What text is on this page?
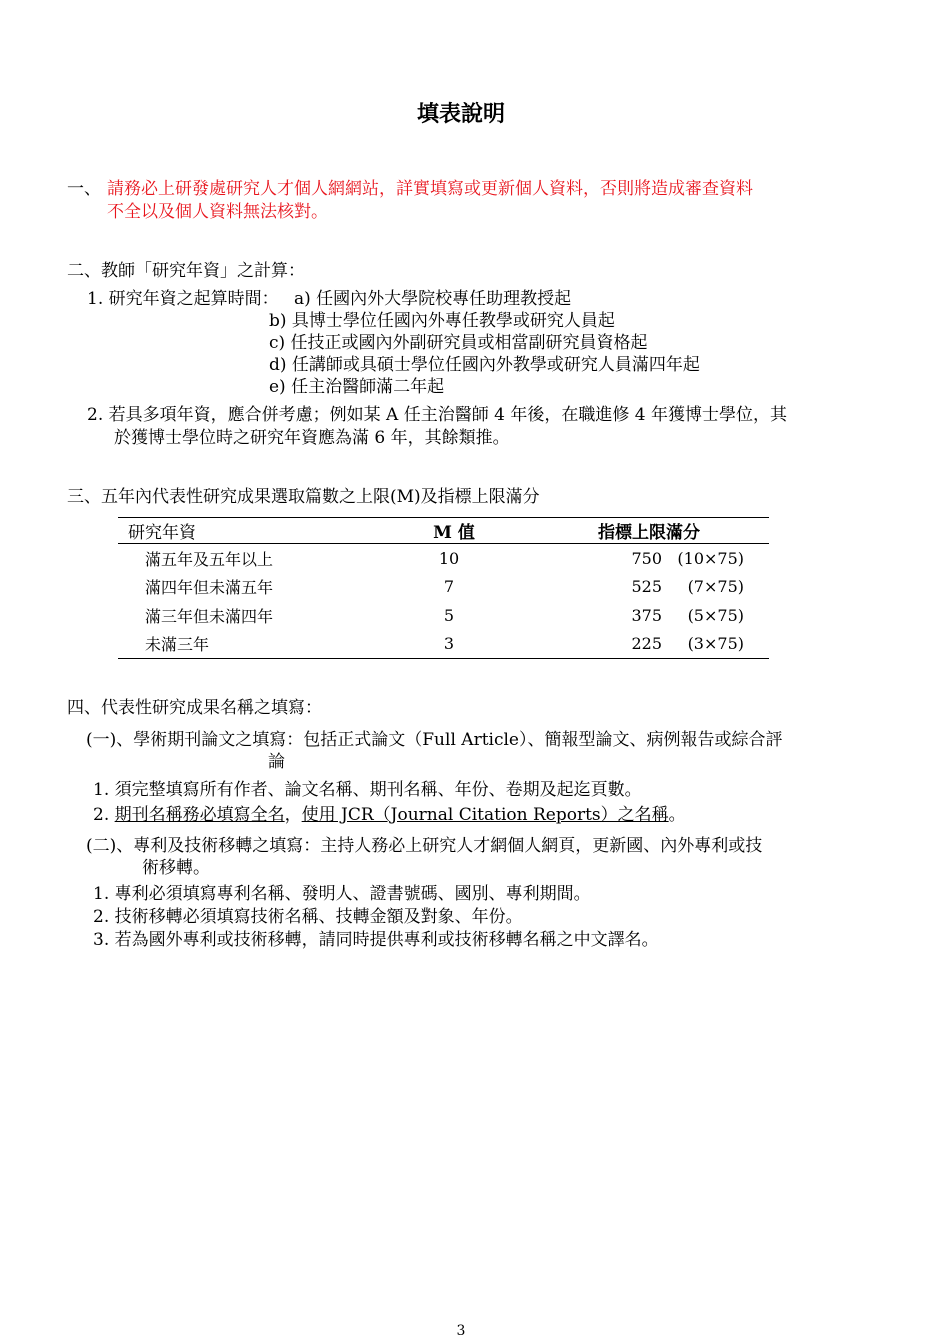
填表說明
一、 請務必上研發處研究人才個人網網站，詳實填寫或更新個人資料，否則將造成審查資料
不全以及個人資料無法核對。
二、教師「研究年資」之計算：
1. 研究年資之起算時間： a) 任國內外大學院校專任助理教授起
b) 具博士學位任國內外專任教學或研究人員起
c) 任技正或國內外副研究員或相當副研究員資格起
d) 任講師或具碩士學位任國內外教學或研究人員滿四年起
e) 任主治醫師滿二年起
2. 若具多項年資，應合併考慮；例如某 A 任主治醫師 4 年後，在職進修 4 年獲博士學位，其
於獲博士學位時之研究年資應為滿 6 年，其餘類推。
三、五年內代表性研究成果選取篇數之上限(M)及指標上限滿分
研究年資	M 值	指標上限滿分
滿五年及五年以上	10	750 (10×75)
滿四年但未滿五年	7	525 (7×75)
滿三年但未滿四年	5	375 (5×75)
未滿三年	3	225 (3×75)
四、代表性研究成果名稱之填寫：
(一)、學術期刊論文之填寫：包括正式論文（Full Article）、簡報型論文、病例報告或綜合評
論
1. 須完整填寫所有作者、論文名稱、期刊名稱、年份、卷期及起迄頁數。
2. 期刊名稱務必填寫全名，使用 JCR（Journal Citation Reports）之名稱。
(二)、專利及技術移轉之填寫：主持人務必上研究人才網個人網頁，更新國、內外專利或技
術移轉。
1. 專利必須填寫專利名稱、發明人、證書號碼、國別、專利期間。
2. 技術移轉必須填寫技術名稱、技轉金額及對象、年份。
3. 若為國外專利或技術移轉，請同時提供專利或技術移轉名稱之中文譯名。
3
